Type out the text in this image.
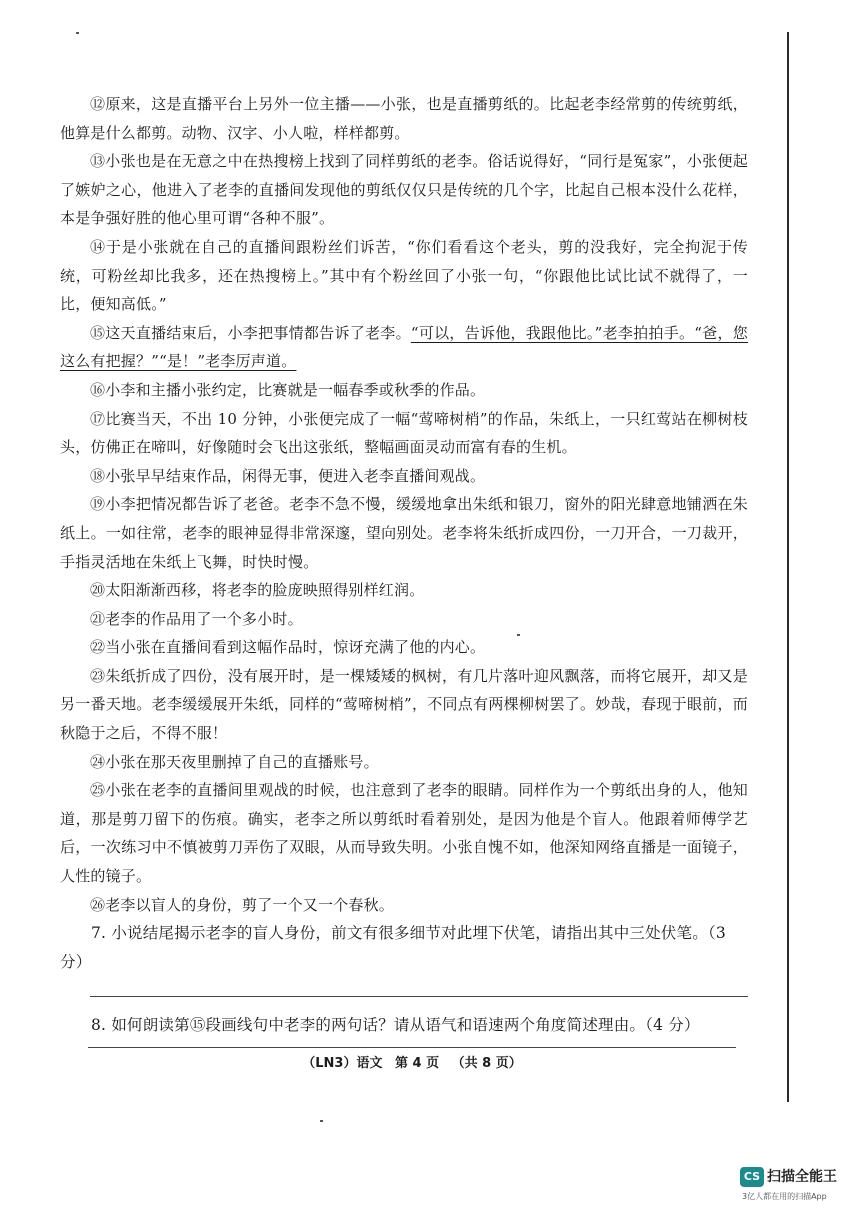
⑫原来，这是直播平台上另外一位主播——小张，也是直播剪纸的。比起老李经常剪的传统剪纸，他算是什么都剪。动物、汉字、小人啦，样样都剪。

⑬小张也是在无意之中在热搜榜上找到了同样剪纸的老李。俗话说得好，“同行是冤家”，小张便起了嫉妒之心，他进入了老李的直播间发现他的剪纸仅仅只是传统的几个字，比起自己根本没什么花样，本是争强好胜的他心里可谓“各种不服”。

⑭于是小张就在自己的直播间跟粉丝们诉苦，“你们看看这个老头，剪的没我好，完全拘泥于传统，可粉丝却比我多，还在热搜榜上。”其中有个粉丝回了小张一句，“你跟他比试比试不就得了，一比，便知高低。”

⑮这天直播结束后，小李把事情都告诉了老李。“可以，告诉他，我跟他比。”老李拍拍手。“爸，您这么有把握？”“是！”老李厉声道。

⑯小李和主播小张约定，比赛就是一幅春季或秋季的作品。

⑰比赛当天，不出 10 分钟，小张便完成了一幅“莺啼树梢”的作品，朱纸上，一只红莺站在柳树枝头，仿佛正在啼叫，好像随时会飞出这张纸，整幅画面灵动而富有春的生机。

⑱小张早早结束作品，闲得无事，便进入老李直播间观战。

⑲小李把情况都告诉了老爸。老李不急不慢，缓缓地拿出朱纸和银刀，窗外的阳光肆意地铺洒在朱纸上。一如往常，老李的眼神显得非常深邃，望向别处。老李将朱纸折成四份，一刀开合，一刀裁开，手指灵活地在朱纸上飞舞，时快时慢。

⑳太阳渐渐西移，将老李的脸庞映照得别样红润。

㉑老李的作品用了一个多小时。

㉒当小张在直播间看到这幅作品时，惊讶充满了他的内心。

㉓朱纸折成了四份，没有展开时，是一棵矮矮的枫树，有几片落叶迎风飘落，而将它展开，却又是另一番天地。老李缓缓展开朱纸，同样的“莺啼树梢”，不同点有两棵柳树罢了。妙哉，春现于眼前，而秋隐于之后，不得不服！

㉔小张在那天夜里删掉了自己的直播账号。

㉕小张在老李的直播间里观战的时候，也注意到了老李的眼睛。同样作为一个剪纸出身的人，他知道，那是剪刀留下的伤痕。确实，老李之所以剪纸时看着别处，是因为他是个盲人。他跟着师傅学艺后，一次练习中不慎被剪刀弄伤了双眼，从而导致失明。小张自愧不如，他深知网络直播是一面镜子，人性的镜子。

㉖老李以盲人的身份，剪了一个又一个春秋。

7. 小说结尾揭示老李的盲人身份，前文有很多细节对此埋下伏笔，请指出其中三处伏笔。（3 分）

8. 如何朗读第⑮段画线句中老李的两句话？请从语气和语速两个角度简述理由。（4 分）

（LN3）语文 第 4 页 （共 8 页）
CS 扫描全能王
3亿人都在用的扫描App
